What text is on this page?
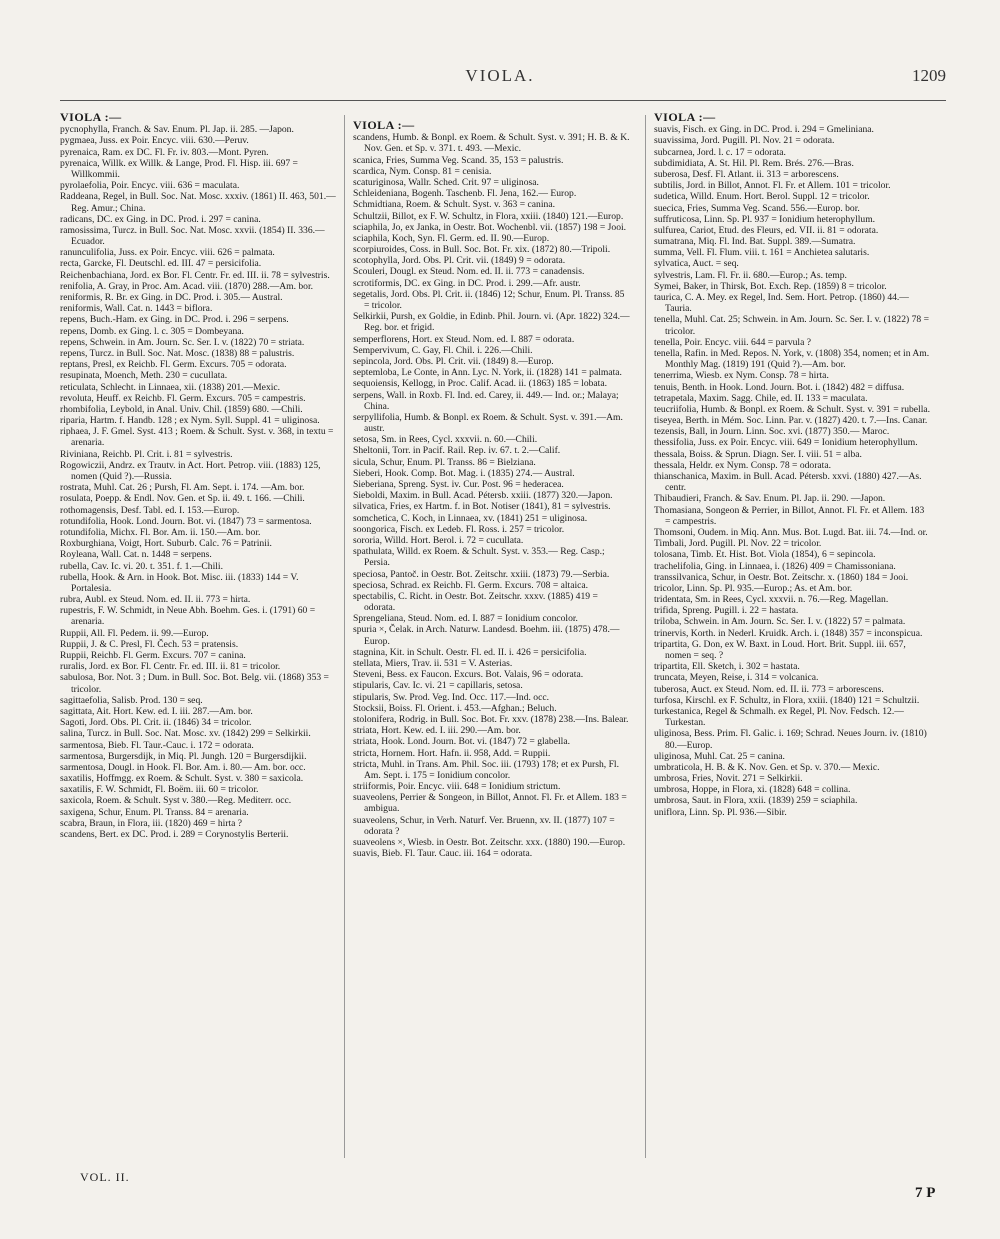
VIOLA.	1209
VIOLA :—
pycnophylla, Franch. & Sav. Enum. Pl. Jap. ii. 285. —Japon.
pygmaea, Juss. ex Poir. Encyc. viii. 630.—Peruv.
pyrenaica, Ram. ex DC. Fl. Fr. iv. 803.—Mont. Pyren.
pyrenaica, Willk. ex Willk. & Lange, Prod. Fl. Hisp. iii. 697 = Willkommii.
pyrolaefolia, Poir. Encyc. viii. 636 = maculata.
Raddeana, Regel, in Bull. Soc. Nat. Mosc. xxxiv. (1861) II. 463, 501.—Reg. Amur.; China.
radicans, DC. ex Ging. in DC. Prod. i. 297 = canina.
ramosissima, Turcz. in Bull. Soc. Nat. Mosc. xxvii. (1854) II. 336.—Ecuador.
ranunculifolia, Juss. ex Poir. Encyc. viii. 626 = palmata.
recta, Garcke, Fl. Deutschl. ed. III. 47 = persicifolia.
Reichenbachiana, Jord. ex Bor. Fl. Centr. Fr. ed. III. ii. 78 = sylvestris.
renifolia, A. Gray, in Proc. Am. Acad. viii. (1870) 288.—Am. bor.
reniformis, R. Br. ex Ging. in DC. Prod. i. 305.— Austral.
reniformis, Wall. Cat. n. 1443 = biflora.
repens, Buch.-Ham. ex Ging. in DC. Prod. i. 296 = serpens.
repens, Domb. ex Ging. l. c. 305 = Dombeyana.
repens, Schwein. in Am. Journ. Sc. Ser. I. v. (1822) 70 = striata.
repens, Turcz. in Bull. Soc. Nat. Mosc. (1838) 88 = palustris.
reptans, Presl, ex Reichb. Fl. Germ. Excurs. 705 = odorata.
resupinata, Moench, Meth. 230 = cucullata.
reticulata, Schlecht. in Linnaea, xii. (1838) 201.—Mexic.
revoluta, Heuff. ex Reichb. Fl. Germ. Excurs. 705 = campestris.
rhombifolia, Leybold, in Anal. Univ. Chil. (1859) 680. —Chili.
riparia, Hartm. f. Handb. 128 ; ex Nym. Syll. Suppl. 41 = uliginosa.
riphaea, J. F. Gmel. Syst. 413 ; Roem. & Schult. Syst. v. 368, in textu = arenaria.
Riviniana, Reichb. Pl. Crit. i. 81 = sylvestris.
Rogowiczii, Andrz. ex Trautv. in Act. Hort. Petrop. viii. (1883) 125, nomen (Quid ?).—Russia.
rostrata, Muhl. Cat. 26 ; Pursh, Fl. Am. Sept. i. 174. —Am. bor.
rosulata, Poepp. & Endl. Nov. Gen. et Sp. ii. 49. t. 166. —Chili.
rothomagensis, Desf. Tabl. ed. I. 153.—Europ.
rotundifolia, Hook. Lond. Journ. Bot. vi. (1847) 73 = sarmentosa.
rotundifolia, Michx. Fl. Bor. Am. ii. 150.—Am. bor.
Roxburghiana, Voigt, Hort. Suburb. Calc. 76 = Patrinii.
Royleana, Wall. Cat. n. 1448 = serpens.
rubella, Cav. Ic. vi. 20. t. 351. f. 1.—Chili.
rubella, Hook. & Arn. in Hook. Bot. Misc. iii. (1833) 144 = V. Portalesia.
rubra, Aubl. ex Steud. Nom. ed. II. ii. 773 = hirta.
rupestris, F. W. Schmidt, in Neue Abh. Boehm. Ges. i. (1791) 60 = arenaria.
Ruppii, All. Fl. Pedem. ii. 99.—Europ.
Ruppii, J. & C. Presl, Fl. Čech. 53 = pratensis.
Ruppii, Reichb. Fl. Germ. Excurs. 707 = canina.
ruralis, Jord. ex Bor. Fl. Centr. Fr. ed. III. ii. 81 = tricolor.
sabulosa, Bor. Not. 3 ; Dum. in Bull. Soc. Bot. Belg. vii. (1868) 353 = tricolor.
sagittaefolia, Salisb. Prod. 130 = seq.
sagittata, Ait. Hort. Kew. ed. I. iii. 287.—Am. bor.
Sagoti, Jord. Obs. Pl. Crit. ii. (1846) 34 = tricolor.
salina, Turcz. in Bull. Soc. Nat. Mosc. xv. (1842) 299 = Selkirkii.
sarmentosa, Bieb. Fl. Taur.-Cauc. i. 172 = odorata.
sarmentosa, Burgersdijk, in Miq. Pl. Jungh. 120 = Burgersdijkii.
sarmentosa, Dougl. in Hook. Fl. Bor. Am. i. 80.— Am. bor. occ.
saxatilis, Hoffmgg. ex Roem. & Schult. Syst. v. 380 = saxicola.
saxatilis, F. W. Schmidt, Fl. Boëm. iii. 60 = tricolor.
saxicola, Roem. & Schult. Syst v. 380.—Reg. Mediterr. occ.
saxigena, Schur, Enum. Pl. Transs. 84 = arenaria.
scabra, Braun, in Flora, iii. (1820) 469 = hirta ?
scandens, Bert. ex DC. Prod. i. 289 = Corynostylis Berterii.
VIOLA :—
scandens, Humb. & Bonpl. ex Roem. & Schult. Syst. v. 391; H. B. & K. Nov. Gen. et Sp. v. 371. t. 493. —Mexic.
scanica, Fries, Summa Veg. Scand. 35, 153 = palustris.
scardica, Nym. Consp. 81 = cenisia.
scaturiginosa, Wallr. Sched. Crit. 97 = uliginosa.
Schleidenianа, Bogenh. Taschenb. Fl. Jena, 162.— Europ.
Schmidtiana, Roem. & Schult. Syst. v. 363 = canina.
Schultzii, Billot, ex F. W. Schultz, in Flora, xxiii. (1840) 121.—Europ.
sciaphila, Jo, ex Janka, in Oestr. Bot. Wochenbl. vii. (1857) 198 = Jooi.
sciaphila, Koch, Syn. Fl. Germ. ed. II. 90.—Europ.
scorpiuroides, Coss. in Bull. Soc. Bot. Fr. xix. (1872) 80.—Tripoli.
scotophylla, Jord. Obs. Pl. Crit. vii. (1849) 9 = odorata.
Scouleri, Dougl. ex Steud. Nom. ed. II. ii. 773 = canadensis.
scrotiformis, DC. ex Ging. in DC. Prod. i. 299.—Afr. austr.
segetalis, Jord. Obs. Pl. Crit. ii. (1846) 12; Schur, Enum. Pl. Transs. 85 = tricolor.
Selkirkii, Pursh, ex Goldie, in Edinb. Phil. Journ. vi. (Apr. 1822) 324.—Reg. bor. et frigid.
semperflorens, Hort. ex Steud. Nom. ed. I. 887 = odorata.
Sempervivum, C. Gay, Fl. Chil. i. 226.—Chili.
sepincola, Jord. Obs. Pl. Crit. vii. (1849) 8.—Europ.
septemloba, Le Conte, in Ann. Lyc. N. York, ii. (1828) 141 = palmata.
sequoiensis, Kellogg, in Proc. Calif. Acad. ii. (1863) 185 = lobata.
serpens, Wall. in Roxb. Fl. Ind. ed. Carey, ii. 449.— Ind. or.; Malaya; China.
serpyllifolia, Humb. & Bonpl. ex Roem. & Schult. Syst. v. 391.—Am. austr.
setosa, Sm. in Rees, Cycl. xxxvii. n. 60.—Chili.
Sheltonii, Torr. in Pacif. Rail. Rep. iv. 67. t. 2.—Calif.
sicula, Schur, Enum. Pl. Transs. 86 = Bielziana.
Sieberi, Hook. Comp. Bot. Mag. i. (1835) 274.— Austral.
Sieberiana, Spreng. Syst. iv. Cur. Post. 96 = hederacea.
Sieboldi, Maxim. in Bull. Acad. Pétersb. xxiii. (1877) 320.—Japon.
silvatica, Fries, ex Hartm. f. in Bot. Notiser (1841), 81 = sylvestris.
somchetica, C. Koch, in Linnaea, xv. (1841) 251 = uliginosa.
soongorica, Fisch. ex Ledeb. Fl. Ross. i. 257 = tricolor.
sororia, Willd. Hort. Berol. i. 72 = cucullata.
spathulata, Willd. ex Roem. & Schult. Syst. v. 353.— Reg. Casp.; Persia.
speciosa, Pantoč. in Oestr. Bot. Zeitschr. xxiii. (1873) 79.—Serbia.
speciosa, Schrad. ex Reichb. Fl. Germ. Excurs. 708 = altaica.
spectabilis, C. Richt. in Oestr. Bot. Zeitschr. xxxv. (1885) 419 = odorata.
Sprengeliana, Steud. Nom. ed. I. 887 = Ionidium concolor.
spuria ×, Čelak. in Arch. Naturw. Landesd. Boehm. iii. (1875) 478.—Europ.
stagnina, Kit. in Schult. Oestr. Fl. ed. II. i. 426 = persicifolia.
stellata, Miers, Trav. ii. 531 = V. Asterias.
Steveni, Bess. ex Faucon. Excurs. Bot. Valais, 96 = odorata.
stipularis, Cav. Ic. vi. 21 = capillaris, setosa.
stipularis, Sw. Prod. Veg. Ind. Occ. 117.—Ind. occ.
Stocksii, Boiss. Fl. Orient. i. 453.—Afghan.; Beluch.
stolonifera, Rodrig. in Bull. Soc. Bot. Fr. xxv. (1878) 238.—Ins. Balear.
striata, Hort. Kew. ed. I. iii. 290.—Am. bor.
striata, Hook. Lond. Journ. Bot. vi. (1847) 72 = glabella.
stricta, Hornem. Hort. Hafn. ii. 958, Add. = Ruppii.
stricta, Muhl. in Trans. Am. Phil. Soc. iii. (1793) 178; et ex Pursh, Fl. Am. Sept. i. 175 = Ionidium concolor.
striiformis, Poir. Encyc. viii. 648 = Ionidium strictum.
suaveolens, Perrier & Songeon, in Billot, Annot. Fl. Fr. et Allem. 183 = ambigua.
suaveolens, Schur, in Verh. Naturf. Ver. Bruenn, xv. II. (1877) 107 = odorata ?
suaveolens ×, Wiesb. in Oestr. Bot. Zeitschr. xxx. (1880) 190.—Europ.
suavis, Bieb. Fl. Taur. Cauc. iii. 164 = odorata.
VIOLA :—
suavis, Fisch. ex Ging. in DC. Prod. i. 294 = Gmeliniana.
suavissima, Jord. Pugill. Pl. Nov. 21 = odorata.
subcarnea, Jord. l. c. 17 = odorata.
subdimidiata, A. St. Hil. Pl. Rem. Brés. 276.—Bras.
suberosa, Desf. Fl. Atlant. ii. 313 = arborescens.
subtilis, Jord. in Billot, Annot. Fl. Fr. et Allem. 101 = tricolor.
sudetica, Willd. Enum. Hort. Berol. Suppl. 12 = tricolor.
suecica, Fries, Summa Veg. Scand. 556.—Europ. bor.
suffruticosa, Linn. Sp. Pl. 937 = Ionidium heterophyllum.
sulfurea, Cariot, Etud. des Fleurs, ed. VII. ii. 81 = odorata.
sumatrana, Miq. Fl. Ind. Bat. Suppl. 389.—Sumatra.
summa, Vell. Fl. Flum. viii. t. 161 = Anchietea salutaris.
sylvatica, Auct. = seq.
sylvestris, Lam. Fl. Fr. ii. 680.—Europ.; As. temp.
Symei, Baker, in Thirsk, Bot. Exch. Rep. (1859) 8 = tricolor.
taurica, C. A. Mey. ex Regel, Ind. Sem. Hort. Petrop. (1860) 44.—Tauria.
tenella, Muhl. Cat. 25; Schwein. in Am. Journ. Sc. Ser. I. v. (1822) 78 = tricolor.
tenella, Poir. Encyc. viii. 644 = parvula ?
tenella, Rafin. in Med. Repos. N. York, v. (1808) 354, nomen; et in Am. Monthly Mag. (1819) 191 (Quid ?).—Am. bor.
tenerrima, Wiesb. ex Nym. Consp. 78 = hirta.
tenuis, Benth. in Hook. Lond. Journ. Bot. i. (1842) 482 = diffusa.
tetrapetala, Maxim. Sagg. Chile, ed. II. 133 = maculata.
teucriifolia, Humb. & Bonpl. ex Roem. & Schult. Syst. v. 391 = rubella.
tiseyea, Berth. in Mém. Soc. Linn. Par. v. (1827) 420. t. 7.—Ins. Canar.
tezensis, Ball, in Journ. Linn. Soc. xvi. (1877) 350.— Maroc.
thessifolia, Juss. ex Poir. Encyc. viii. 649 = Ionidium heterophyllum.
thessala, Boiss. & Sprun. Diagn. Ser. I. viii. 51 = alba.
thessala, Heldr. ex Nym. Consp. 78 = odorata.
thianschanica, Maxim. in Bull. Acad. Pétersb. xxvi. (1880) 427.—As. centr.
Thibaudieri, Franch. & Sav. Enum. Pl. Jap. ii. 290. —Japon.
Thomasiana, Songeon & Perrier, in Billot, Annot. Fl. Fr. et Allem. 183 = campestris.
Thomsoni, Oudem. in Miq. Ann. Mus. Bot. Lugd. Bat. iii. 74.—Ind. or.
Timbali, Jord. Pugill. Pl. Nov. 22 = tricolor.
tolosana, Timb. Et. Hist. Bot. Viola (1854), 6 = sepincola.
trachelifolia, Ging. in Linnaea, i. (1826) 409 = Chamissoniana.
transsilvanica, Schur, in Oestr. Bot. Zeitschr. x. (1860) 184 = Jooi.
tricolor, Linn. Sp. Pl. 935.—Europ.; As. et Am. bor.
tridentata, Sm. in Rees, Cycl. xxxvii. n. 76.—Reg. Magellan.
trifida, Spreng. Pugill. i. 22 = hastata.
triloba, Schwein. in Am. Journ. Sc. Ser. I. v. (1822) 57 = palmata.
trinervis, Korth. in Nederl. Kruidk. Arch. i. (1848) 357 = inconspicua.
tripartita, G. Don, ex W. Baxt. in Loud. Hort. Brit. Suppl. iii. 657, nomen = seq. ?
tripartita, Ell. Sketch, i. 302 = hastata.
truncata, Meyen, Reise, i. 314 = volcanica.
tuberosa, Auct. ex Steud. Nom. ed. II. ii. 773 = arborescens.
turfosa, Kirschl. ex F. Schultz, in Flora, xxiii. (1840) 121 = Schultzii.
turkestanica, Regel & Schmalh. ex Regel, Pl. Nov. Fedsch. 12.—Turkestan.
uliginosa, Bess. Prim. Fl. Galic. i. 169; Schrad. Neues Journ. iv. (1810) 80.—Europ.
uliginosa, Muhl. Cat. 25 = canina.
umbraticola, H. B. & K. Nov. Gen. et Sp. v. 370.— Mexic.
umbrosa, Fries, Novit. 271 = Selkirkii.
umbrosa, Hoppe, in Flora, xi. (1828) 648 = collina.
umbrosa, Saut. in Flora, xxii. (1839) 259 = sciaphila.
uniflora, Linn. Sp. Pl. 936.—Sibir.
VOL. II.
7 P
